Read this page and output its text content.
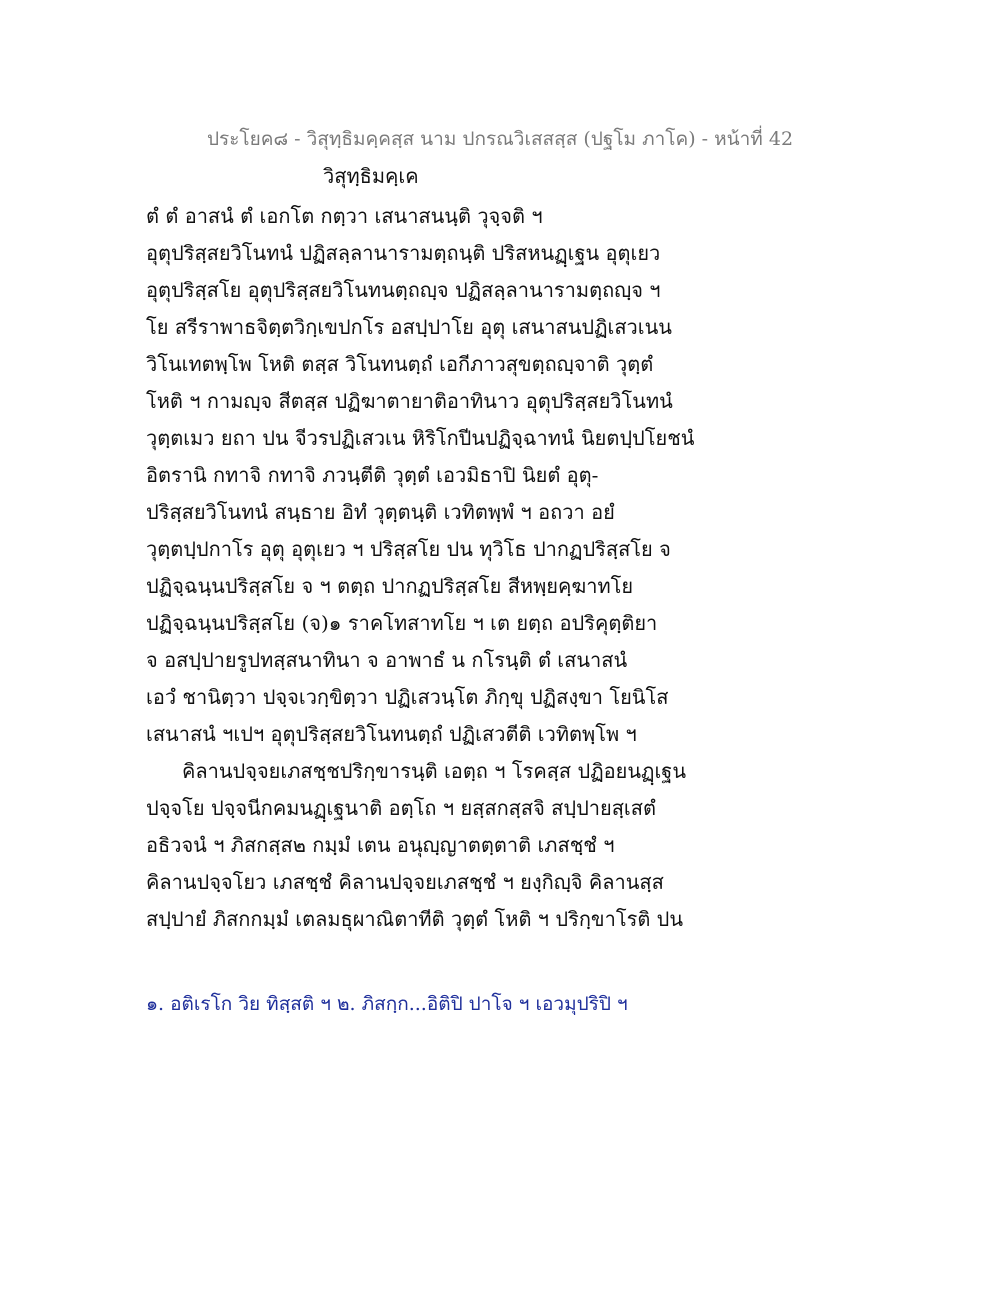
ประโยค๘ - วิสุทฺธิมคฺคสฺส นาม ปกรณวิเสสสฺส (ปฐโม ภาโค) - หน้าที่ 42
วิสุทฺธิมคฺเค
ตํ ตํ อาสนํ ตํ เอกโต กตฺวา เสนาสนนฺติ วุจฺจติ ฯ
อุตุปริสฺสยวิโนทนํ ปฏิสลฺลานารามตฺถนฺติ ปริสหนฏฺเฐน อุตุเยว
อุตุปริสฺสโย อุตุปริสฺสยวิโนทนตฺถญฺจ ปฏิสลฺลานารามตฺถญฺจ ฯ
โย สรีราพาธจิตฺตวิกฺเขปกโร อสปฺปาโย อุตุ เสนาสนปฏิเสวเนน
วิโนเทตพฺโพ โหติ ตสฺส วิโนทนตฺถํ เอกีภาวสุขตฺถญฺจาติ วุตฺตํ
โหติ ฯ กามญฺจ สีตสฺส ปฏิฆาตายาติอาทินาว อุตุปริสฺสยวิโนทนํ
วุตฺตเมว ยถา ปน จีวรปฏิเสวเน หิริโกปีนปฏิจฺฉาทนํ นิยตปฺปโยชนํ
อิตรานิ กทาจิ กทาจิ ภวนฺตีติ วุตฺตํ เอวมิธาปิ นิยตํ อุตุ-
ปริสฺสยวิโนทนํ สนฺธาย อิทํ วุตฺตนฺติ เวทิตพฺพํ ฯ อถวา อยํ
วุตฺตปฺปกาโร อุตุ อุตุเยว ฯ ปริสฺสโย ปน ทุวิโธ ปากฏปริสฺสโย จ
ปฏิจฺฉนฺนปริสฺสโย จ ฯ ตตฺถ ปากฏปริสฺสโย สีหพฺยคฺฆาทโย
ปฏิจฺฉนฺนปริสฺสโย (จ)๑ ราคโทสาทโย ฯ เต ยตฺถ อปริคุตฺติยา
จ อสปฺปายรูปทสฺสนาทินา จ อาพาธํ น กโรนฺติ ตํ เสนาสนํ
เอวํ ชานิตฺวา ปจฺจเวกฺขิตฺวา ปฏิเสวนฺโต ภิกฺขุ ปฏิสงฺขา โยนิโส
เสนาสนํ ฯเปฯ อุตุปริสฺสยวิโนทนตฺถํ ปฏิเสวตีติ เวทิตพฺโพ ฯ
คิลานปจฺจยเภสชฺชปริกฺขารนฺติ เอตฺถ ฯ โรคสฺส ปฏิอยนฏฺเฐน
ปจฺจโย ปจฺจนีกคมนฏฺเฐนาติ อตฺโถ ฯ ยสฺสกสฺสจิ สปฺปายสฺเสตํ
อธิวจนํ ฯ ภิสกสฺส๒ กมฺมํ เตน อนุญฺญาตตฺตาติ เภสชฺชํ ฯ
คิลานปจฺจโยว เภสชฺชํ คิลานปจฺจยเภสชฺชํ ฯ ยงฺกิญฺจิ คิลานสฺส
สปฺปายํ ภิสกกมฺมํ เตลมธุผาณิตาทีติ วุตฺตํ โหติ ฯ ปริกฺขาโรติ ปน
๑. อติเรโก วิย ทิสฺสติ ฯ ๒. ภิสกฺก...อิติปิ ปาโจ ฯ เอวมุปริปิ ฯ
